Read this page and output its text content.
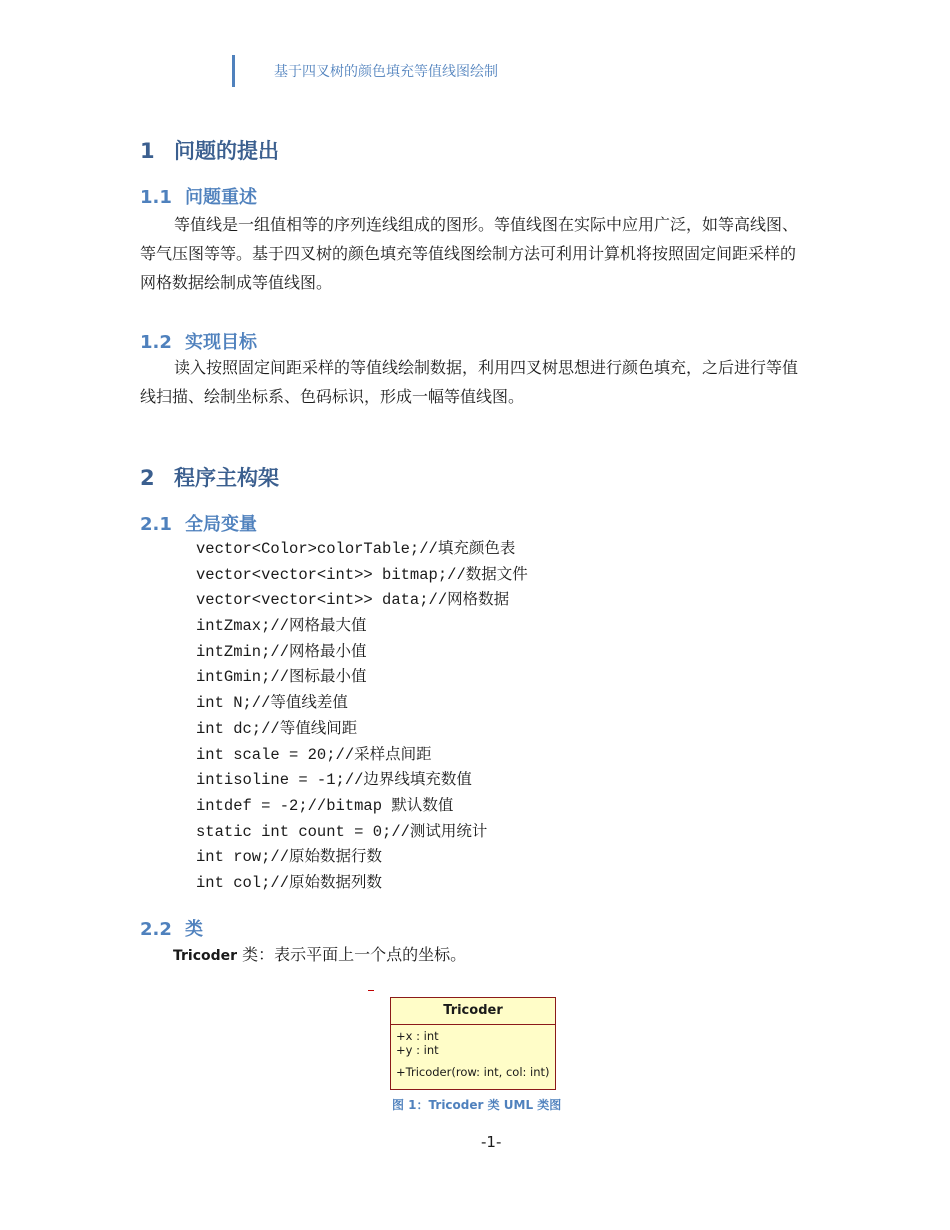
基于四叉树的颜色填充等值线图绘制
1 问题的提出
1.1 问题重述
等值线是一组值相等的序列连线组成的图形。等值线图在实际中应用广泛，如等高线图、等气压图等等。基于四叉树的颜色填充等值线图绘制方法可利用计算机将按照固定间距采样的网格数据绘制成等值线图。
1.2 实现目标
读入按照固定间距采样的等值线绘制数据，利用四叉树思想进行颜色填充，之后进行等值线扫描、绘制坐标系、色码标识，形成一幅等值线图。
2 程序主构架
2.1 全局变量
vector<Color>colorTable;//填充颜色表
vector<vector<int>> bitmap;//数据文件
vector<vector<int>> data;//网格数据
intZmax;//网格最大值
intZmin;//网格最小值
intGmin;//图标最小值
int N;//等值线差值
int dc;//等值线间距
int scale = 20;//采样点间距
intisoline = -1;//边界线填充数值
intdef = -2;//bitmap 默认数值
static int count = 0;//测试用统计
int row;//原始数据行数
int col;//原始数据列数
2.2 类
Tricoder 类：表示平面上一个点的坐标。
Tricoder
+x : int
+y : int
+Tricoder(row: int, col: int)
图 1：Tricoder 类 UML 类图
-1-
